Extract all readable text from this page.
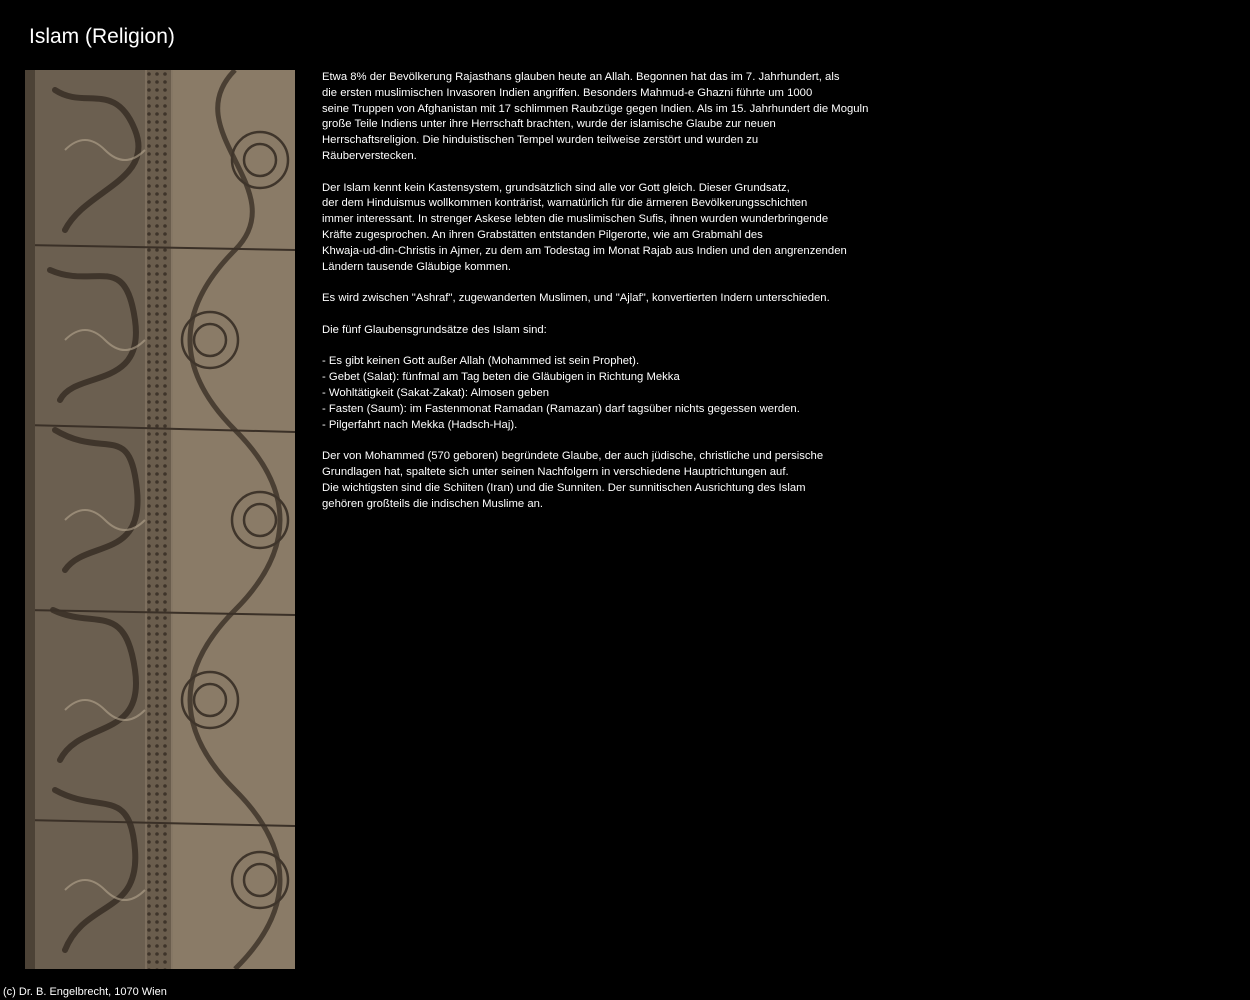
Islam (Religion)

Etwa 8% der Bevölkerung Rajasthans glauben heute an Allah. Begonnen hat das im 7. Jahrhundert, als
die ersten muslimischen Invasoren Indien angriffen. Besonders Mahmud-e Ghazni führte um 1000
seine Truppen von Afghanistan mit 17 schlimmen Raubzüge gegen Indien. Als im 15. Jahrhundert die Moguln
große Teile Indiens unter ihre Herrschaft brachten, wurde der islamische Glaube zur neuen
Herrschaftsreligion. Die hinduistischen Tempel wurden teilweise zerstört und wurden zu
Räuberverstecken.

Der Islam kennt kein Kastensystem, grundsätzlich sind alle vor Gott gleich. Dieser Grundsatz,
der dem Hinduismus wollkommen konträrist, warnatürlich für die ärmeren Bevölkerungsschichten
immer interessant. In strenger Askese lebten die muslimischen Sufis, ihnen wurden wunderbringende
Kräfte zugesprochen. An ihren Grabstätten entstanden Pilgerorte, wie am Grabmahl des
Khwaja-ud-din-Christis in Ajmer, zu dem am Todestag im Monat Rajab aus Indien und den angrenzenden
Ländern tausende Gläubige kommen.

Es wird zwischen "Ashraf", zugewanderten Muslimen, und "Ajlaf", konvertierten Indern unterschieden.

Die fünf Glaubensgrundsätze des Islam sind:

- Es gibt keinen Gott außer Allah (Mohammed ist sein Prophet).
- Gebet (Salat): fünfmal am Tag beten die Gläubigen in Richtung Mekka
- Wohltätigkeit (Sakat-Zakat): Almosen geben
- Fasten (Saum): im Fastenmonat Ramadan (Ramazan) darf tagsüber nichts gegessen werden.
- Pilgerfahrt nach Mekka (Hadsch-Haj).

Der von Mohammed (570 geboren) begründete Glaube, der auch jüdische, christliche und persische
Grundlagen hat, spaltete sich unter seinen Nachfolgern in verschiedene Hauptrichtungen auf.
Die wichtigsten sind die Schiiten (Iran) und die Sunniten. Der sunnitischen Ausrichtung des Islam
gehören großteils die indischen Muslime an.

(c) Dr. B. Engelbrecht, 1070 Wien
